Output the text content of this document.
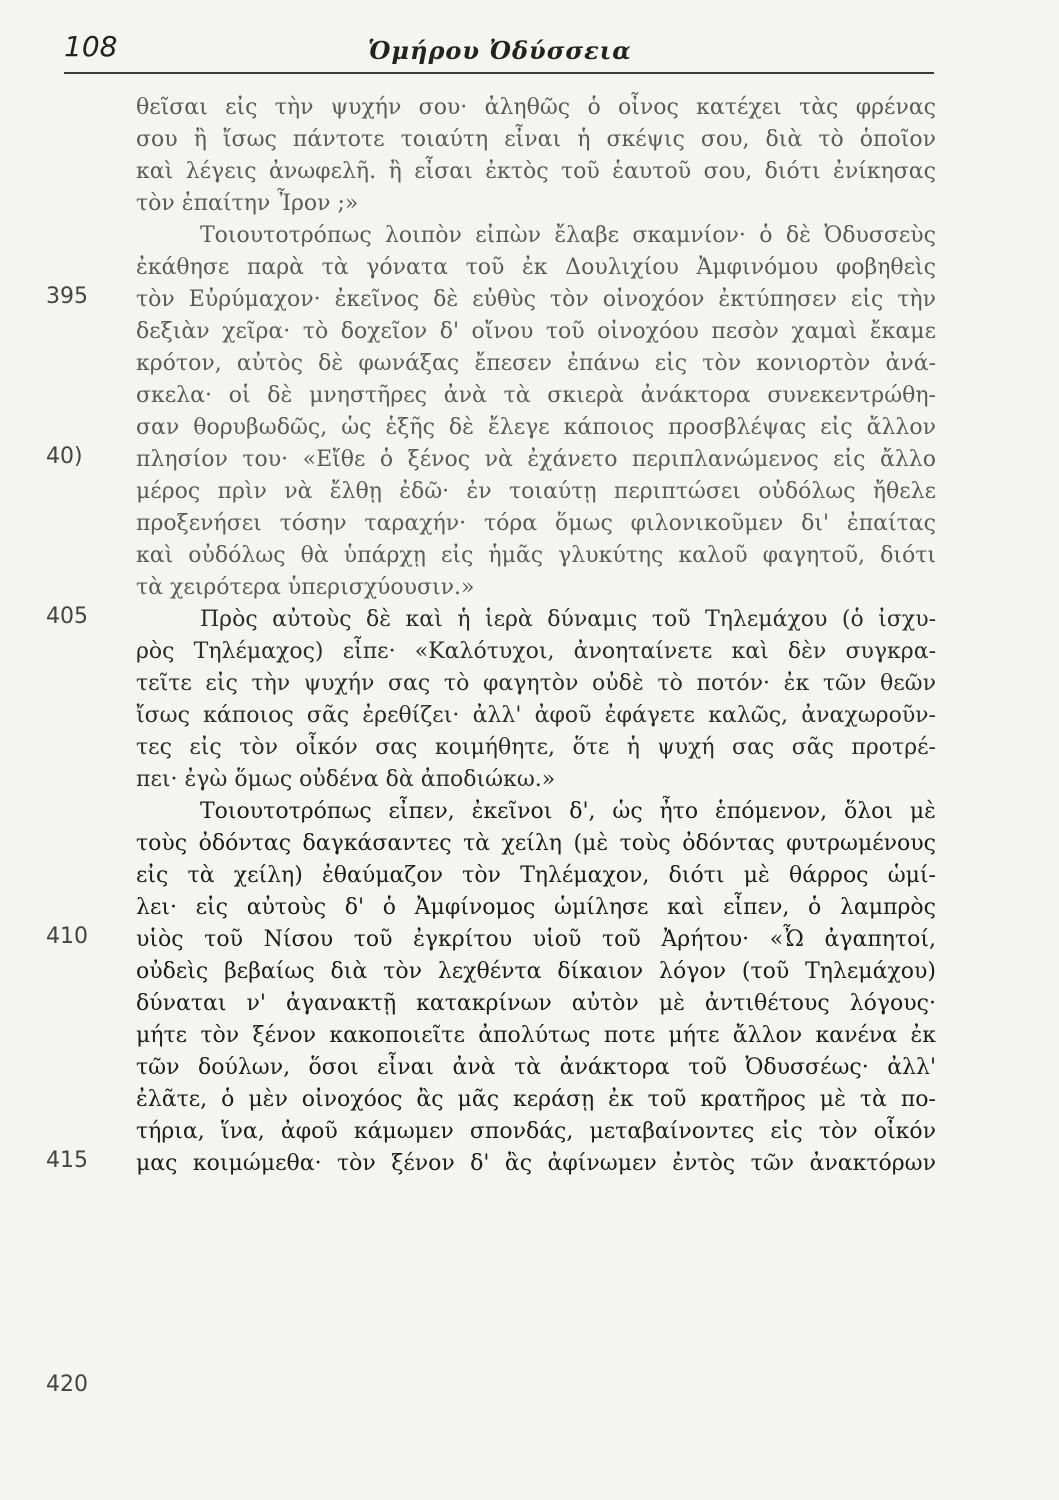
108	Ὁμήρου Ὀδύσσεια
395
40)
405
410
415
420
θεῖσαι εἰς τὴν ψυχήν σου· ἀληθῶς ὁ οἶνος κατέχει τὰς φρένας
σου ἢ ἴσως πάντοτε τοιαύτη εἶναι ἡ σκέψις σου, διὰ τὸ ὁποῖον
καὶ λέγεις ἀνωφελῆ. ἢ εἶσαι ἐκτὸς τοῦ ἑαυτοῦ σου, διότι ἐνίκησας
τὸν ἐπαίτην Ἶρον ;»
Τοιουτοτρόπως λοιπὸν εἰπὼν ἔλαβε σκαμνίον· ὁ δὲ Ὀδυσσεὺς
ἐκάθησε παρὰ τὰ γόνατα τοῦ ἐκ Δουλιχίου Ἀμφινόμου φοβηθεὶς
τὸν Εὐρύμαχον· ἐκεῖνος δὲ εὐθὺς τὸν οἰνοχόον ἐκτύπησεν εἰς τὴν
δεξιὰν χεῖρα· τὸ δοχεῖον δ' οἴνου τοῦ οἰνοχόου πεσὸν χαμαὶ ἔκαμε
κρότον, αὐτὸς δὲ φωνάξας ἔπεσεν ἐπάνω εἰς τὸν κονιορτὸν ἀνά-
σκελα· οἱ δὲ μνηστῆρες ἀνὰ τὰ σκιερὰ ἀνάκτορα συνεκεντρώθη-
σαν θορυβωδῶς, ὡς ἑξῆς δὲ ἔλεγε κάποιος προσβλέψας εἰς ἄλλον
πλησίον του· «Εἴθε ὁ ξένος νὰ ἐχάνετο περιπλανώμενος εἰς ἄλλο
μέρος πρὶν νὰ ἔλθῃ ἐδῶ· ἐν τοιαύτῃ περιπτώσει οὐδόλως ἤθελε
προξενήσει τόσην ταραχήν· τόρα ὅμως φιλονικοῦμεν δι' ἐπαίτας
καὶ οὐδόλως θὰ ὑπάρχῃ εἰς ἡμᾶς γλυκύτης καλοῦ φαγητοῦ, διότι
τὰ χειρότερα ὑπερισχύουσιν.»
Πρὸς αὐτοὺς δὲ καὶ ἡ ἱερὰ δύναμις τοῦ Τηλεμάχου (ὁ ἰσχυ-
ρὸς Τηλέμαχος) εἶπε· «Καλότυχοι, ἀνοηταίνετε καὶ δὲν συγκρα-
τεῖτε εἰς τὴν ψυχήν σας τὸ φαγητὸν οὐδὲ τὸ ποτόν· ἐκ τῶν θεῶν
ἴσως κάποιος σᾶς ἐρεθίζει· ἀλλ' ἀφοῦ ἐφάγετε καλῶς, ἀναχωροῦν-
τες εἰς τὸν οἶκόν σας κοιμήθητε, ὅτε ἡ ψυχή σας σᾶς προτρέ-
πει· ἐγὼ ὅμως οὐδένα δὰ ἀποδιώκω.»
Τοιουτοτρόπως εἶπεν, ἐκεῖνοι δ', ὡς ἦτο ἑπόμενον, ὅλοι μὲ
τοὺς ὀδόντας δαγκάσαντες τὰ χείλη (μὲ τοὺς ὀδόντας φυτρωμένους
εἰς τὰ χείλη) ἐθαύμαζον τὸν Τηλέμαχον, διότι μὲ θάρρος ὡμί-
λει· εἰς αὐτοὺς δ' ὁ Ἀμφίνομος ὡμίλησε καὶ εἶπεν, ὁ λαμπρὸς
υἱὸς τοῦ Νίσου τοῦ ἐγκρίτου υἱοῦ τοῦ Ἀρήτου· «Ὦ ἀγαπητοί,
οὐδεὶς βεβαίως διὰ τὸν λεχθέντα δίκαιον λόγον (τοῦ Τηλεμάχου)
δύναται ν' ἀγανακτῇ κατακρίνων αὐτὸν μὲ ἀντιθέτους λόγους·
μήτε τὸν ξένον κακοποιεῖτε ἀπολύτως ποτε μήτε ἄλλον κανένα ἐκ
τῶν δούλων, ὅσοι εἶναι ἀνὰ τὰ ἀνάκτορα τοῦ Ὀδυσσέως· ἀλλ'
ἐλᾶτε, ὁ μὲν οἰνοχόος ἂς μᾶς κεράσῃ ἐκ τοῦ κρατῆρος μὲ τὰ πο-
τήρια, ἵνα, ἀφοῦ κάμωμεν σπονδάς, μεταβαίνοντες εἰς τὸν οἶκόν
μας κοιμώμεθα· τὸν ξένον δ' ἂς ἀφίνωμεν ἐντὸς τῶν ἀνακτόρων
